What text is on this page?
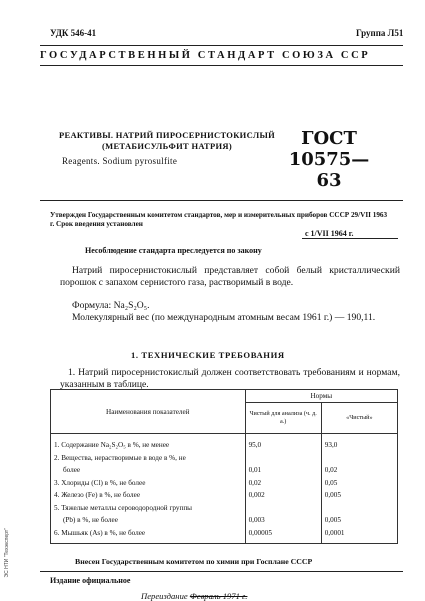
УДК 546-41	Группа Л51
ГОСУДАРСТВЕННЫЙ СТАНДАРТ СОЮЗА ССР
РЕАКТИВЫ. НАТРИЙ ПИРОСЕРНИСТОКИСЛЫЙ
(МЕТАБИСУЛЬФИТ НАТРИЯ)
Reagents. Sodium pyrosulfite
ГОСТ
10575—63
Утвержден Государственным комитетом стандартов, мер и измерительных приборов СССР 29/VII 1963 г. Срок введения установлен
с 1/VII 1964 г.
Несоблюдение стандарта преследуется по закону
Натрий пиросернистокислый представляет собой белый кристаллический порошок с запахом сернистого газа, растворимый в воде.
Формула: Na₂S₂O₅.
Молекулярный вес (по международным атомным весам 1961 г.) — 190,11.
1. ТЕХНИЧЕСКИЕ ТРЕБОВАНИЯ
1. Натрий пиросернистокислый должен соответствовать требованиям и нормам, указанным в таблице.
Наименования показателей	Нормы	
	Чистый для анализа (ч. д. а.)	«Чистый»
1. Содержание Na₂S₂O₅ в %, не менее	95,0	93,0
2. Вещества, нерастворимые в воде в %, не		
более	0,01	0,02
3. Хлориды (Cl) в %, не более	0,02	0,05
4. Железо (Fe) в %, не более	0,002	0,005
5. Тяжелые металлы сероводородной группы		
(Pb) в %, не более	0,003	0,005
6. Мышьяк (As) в %, не более	0,00005	0,0001
Внесен Государственным комитетом по химии при Госплане СССР
Издание официальное
Переиздание Февраль 1971 г.
ЭС НТИ "Техэксперт"
